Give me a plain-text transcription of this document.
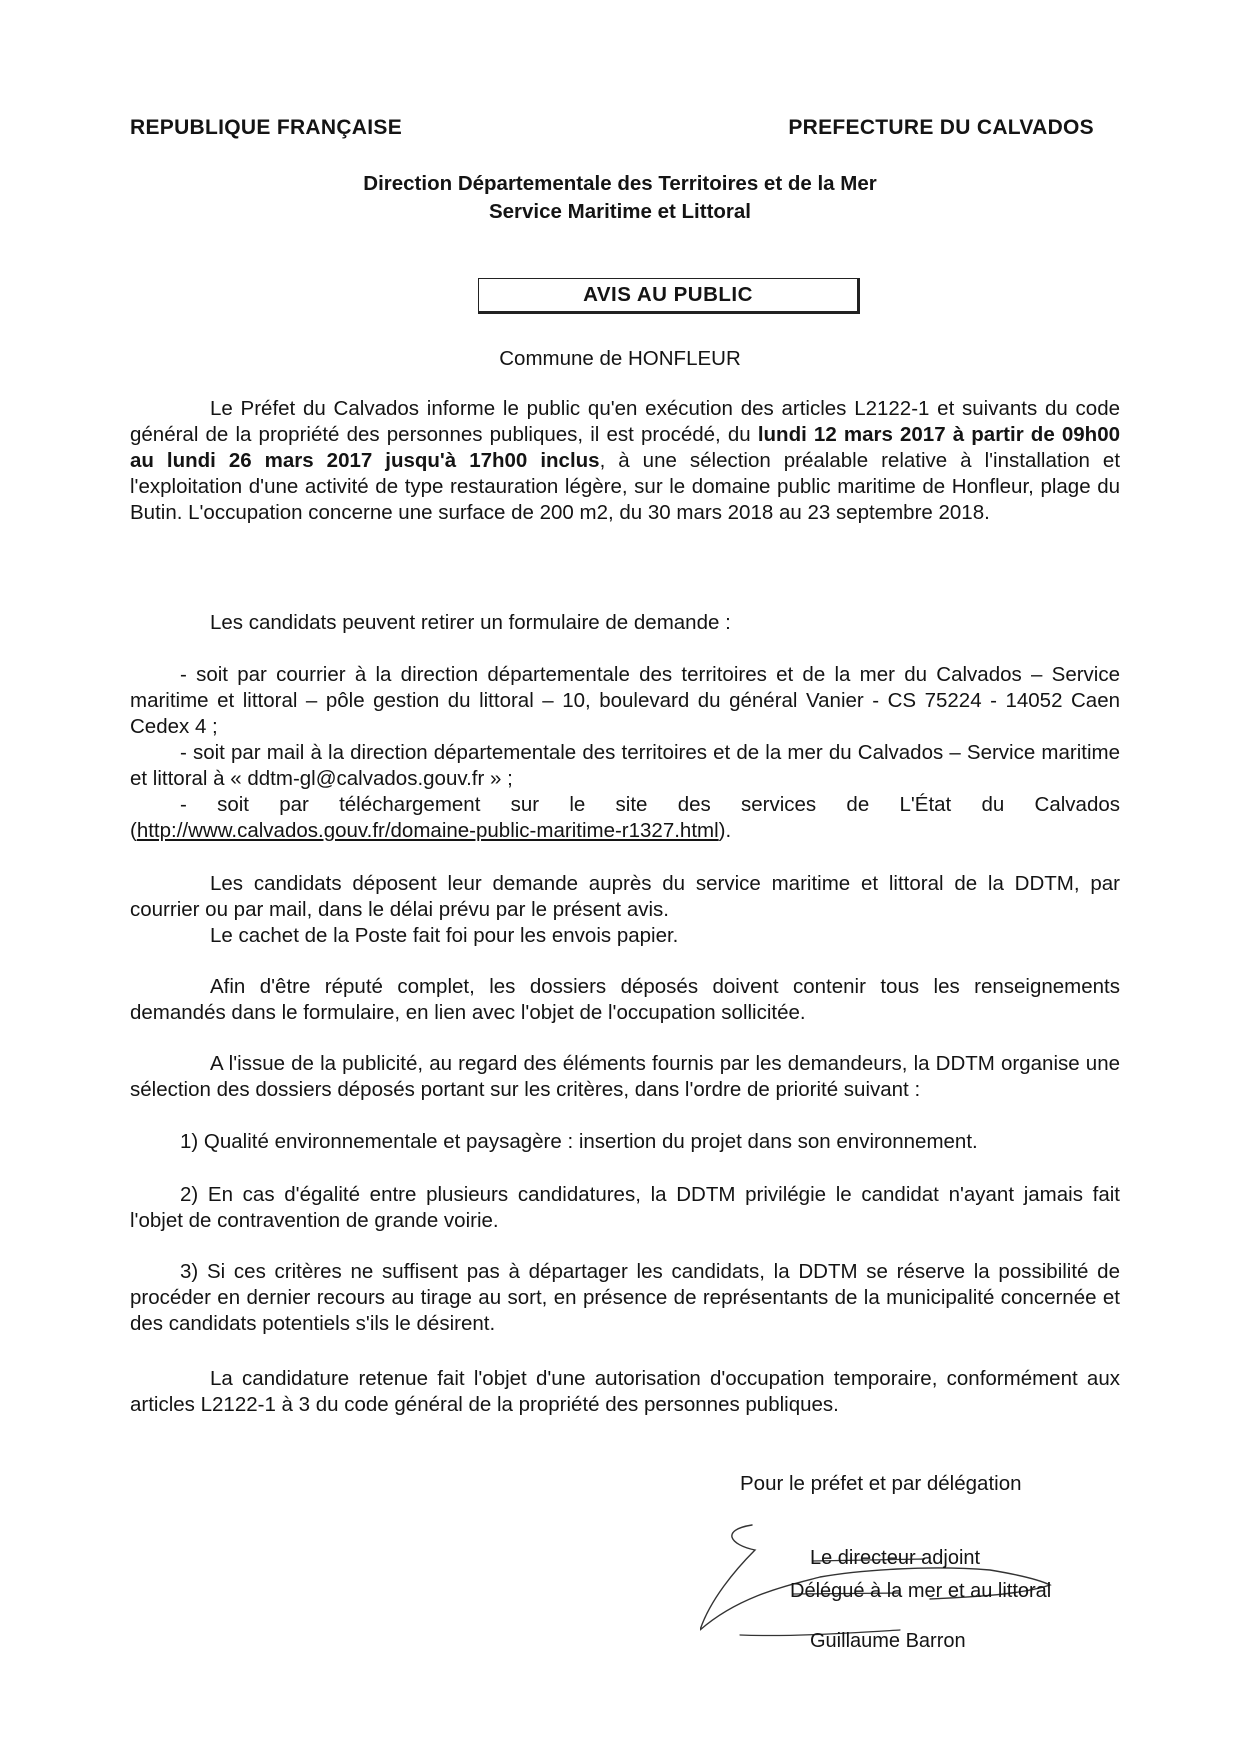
REPUBLIQUE FRANÇAISE	PREFECTURE DU CALVADOS
Direction Départementale des Territoires et de la Mer
Service Maritime et Littoral
AVIS AU PUBLIC
Commune de HONFLEUR

Le Préfet du Calvados informe le public qu'en exécution des articles L2122-1 et suivants du code général de la propriété des personnes publiques, il est procédé, du lundi 12 mars 2017 à partir de 09h00 au lundi 26 mars 2017 jusqu'à 17h00 inclus, à une sélection préalable relative à l'installation et l'exploitation d'une activité de type restauration légère, sur le domaine public maritime de Honfleur, plage du Butin. L'occupation concerne une surface de 200 m2, du 30 mars 2018 au 23 septembre 2018.

Les candidats peuvent retirer un formulaire de demande :

- soit par courrier à la direction départementale des territoires et de la mer du Calvados – Service maritime et littoral – pôle gestion du littoral – 10, boulevard du général Vanier - CS 75224 - 14052 Caen Cedex 4 ;

- soit par mail à la direction départementale des territoires et de la mer du Calvados – Service maritime et littoral à « ddtm-gl@calvados.gouv.fr » ;

- soit par téléchargement sur le site des services de L'État du Calvados (http://www.calvados.gouv.fr/domaine-public-maritime-r1327.html).

Les candidats déposent leur demande auprès du service maritime et littoral de la DDTM, par courrier ou par mail, dans le délai prévu par le présent avis.

Le cachet de la Poste fait foi pour les envois papier.

Afin d'être réputé complet, les dossiers déposés doivent contenir tous les renseignements demandés dans le formulaire, en lien avec l'objet de l'occupation sollicitée.

A l'issue de la publicité, au regard des éléments fournis par les demandeurs, la DDTM organise une sélection des dossiers déposés portant sur les critères, dans l'ordre de priorité suivant :

1) Qualité environnementale et paysagère : insertion du projet dans son environnement.

2) En cas d'égalité entre plusieurs candidatures, la DDTM privilégie le candidat n'ayant jamais fait l'objet de contravention de grande voirie.

3) Si ces critères ne suffisent pas à départager les candidats, la DDTM se réserve la possibilité de procéder en dernier recours au tirage au sort, en présence de représentants de la municipalité concernée et des candidats potentiels s'ils le désirent.

La candidature retenue fait l'objet d'une autorisation d'occupation temporaire, conformément aux articles L2122-1 à 3 du code général de la propriété des personnes publiques.

Pour le préfet et par délégation
Le directeur adjoint
Délégué à la mer et au littoral
Guillaume Barron
